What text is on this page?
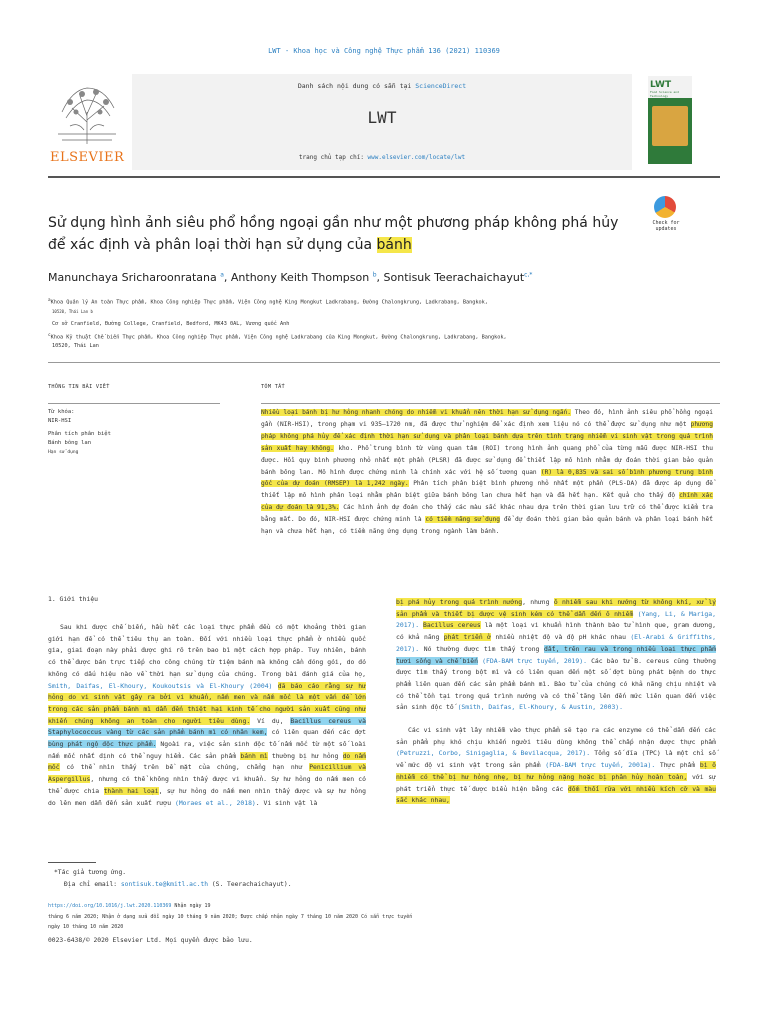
LWT - Khoa học và Công nghệ Thực phẩm 136 (2021) 110369
ELSEVIER
Danh sách nội dung có sẵn tại ScienceDirect
LWT
trang chủ tạp chí: www.elsevier.com/locate/lwt
LWT
Food Science and Technology
Sử dụng hình ảnh siêu phổ hồng ngoại gần như một phương pháp không phá hủy để xác định và phân loại thời hạn sử dụng của bánh
Check for updates
Manunchaya Sricharoonratana $^a$, Anthony Keith Thompson $^b$, Sontisuk Teerachaichayut$^{c,*}$
$^a$Khoa Quản lý An toàn Thực phẩm, Khoa Công nghiệp Thực phẩm, Viện Công nghệ King Mongkut Ladkrabang, Đường Chalongkrung, Ladkrabang, Bangkok,
10520, Thái Lan b
Cơ sở Cranfield, Đường College, Cranfield, Bedford, MK43 0AL, Vương quốc Anh
$^c$Khoa Kỹ thuật Chế biến Thực phẩm, Khoa Công nghiệp Thực phẩm, Viện Công nghệ Ladkrabang của King Mongkut, Đường Chalongkrung, Ladkrabang, Bangkok,
10520, Thái Lan
THÔNG TIN BÀI VIẾT
Từ khóa:
NIR-HSI
Phân tích phân biệt
Bánh bông lan
Hạn sử dụng
TÓM TẮT
Nhiều loại bánh bị hư hỏng nhanh chóng do nhiễm vi khuẩn nên thời hạn sử dụng ngắn. Theo đó, hình ảnh siêu phổ hồng ngoại gần (NIR-HSI), trong phạm vi 935–1720 nm, đã được thử nghiệm để xác định xem liệu nó có thể được sử dụng như một phương pháp không phá hủy để xác định thời hạn sử dụng và phân loại bánh dựa trên tình trạng nhiễm vi sinh vật trong quá trình sản xuất hay không. kho. Phổ trung bình từ vùng quan tâm (ROI) trong hình ảnh quang phổ của từng mẫu được NIR-HSI thu được. Hồi quy bình phương nhỏ nhất một phần (PLSR) đã được sử dụng để thiết lập mô hình nhằm dự đoán thời gian bảo quản bánh bông lan. Mô hình được chứng minh là chính xác với hệ số tương quan (R) là 0,835 và sai số bình phương trung bình gốc của dự đoán (RMSEP) là 1,242 ngày. Phân tích phân biệt bình phương nhỏ nhất một phần (PLS-DA) đã được áp dụng để thiết lập mô hình phân loại nhằm phân biệt giữa bánh bông lan chưa hết hạn và đã hết hạn. Kết quả cho thấy độ chính xác của dự đoán là 91,3%. Các hình ảnh dự đoán cho thấy các màu sắc khác nhau dựa trên thời gian lưu trữ có thể được kiểm tra bằng mắt. Do đó, NIR-HSI được chứng minh là có tiềm năng sử dụng để dự đoán thời gian bảo quản bánh và phân loại bánh hết hạn và chưa hết hạn, có tiềm năng ứng dụng trong ngành làm bánh.
1. Giới thiệu
Sau khi được chế biến, hầu hết các loại thực phẩm đều có một khoảng thời gian giới hạn để có thể tiêu thụ an toàn. Đối với nhiều loại thực phẩm ở nhiều quốc gia, giai đoạn này phải được ghi rõ trên bao bì một cách hợp pháp. Tuy nhiên, bánh có thể được bán trực tiếp cho công chúng từ tiệm bánh mà không cần đóng gói, do đó không có dấu hiệu nào về thời hạn sử dụng của chúng. Trong bài đánh giá của họ, Smith, Daifas, El-Khoury, Koukoutsis và El-Khoury (2004) đã báo cáo rằng sự hư hỏng do vi sinh vật gây ra bởi vi khuẩn, nấm men và nấm mốc là một vấn đề lớn trong các sản phẩm bánh mì dẫn đến thiệt hại kinh tế cho người sản xuất cũng như khiến chúng không an toàn cho người tiêu dùng. Ví dụ, Bacillus cereus và Staphylococcus vàng từ các sản phẩm bánh mì có nhân kem, có liên quan đến các đợt bùng phát ngộ độc thực phẩm. Ngoài ra, việc sản sinh độc tố nấm mốc từ một số loài nấm mốc nhất định có thể nguy hiểm. Các sản phẩm bánh mì thường bị hư hỏng do nấm mốc có thể nhìn thấy trên bề mặt của chúng, chẳng hạn như Penicillium và Aspergillus, nhưng có thể không nhìn thấy được vi khuẩn. Sự hư hỏng do nấm men có thể được chia thành hai loại, sự hư hỏng do nấm men nhìn thấy được và sự hư hỏng do lên men dẫn đến sản xuất rượu (Moraes et al., 2018). Vi sinh vật là
bị phá hủy trong quá trình nướng, nhưng ô nhiễm sau khi nướng từ không khí, xử lý sản phẩm và thiết bị được vệ sinh kém có thể dẫn đến ô nhiễm (Yang, Li, & Mariga, 2017). Bacillus cereus là một loại vi khuẩn hình thành bào tử hình que, gram dương, có khả năng phát triển ở nhiều nhiệt độ và độ pH khác nhau (El-Arabi & Griffiths, 2017). Nó thường được tìm thấy trong đất, trên rau và trong nhiều loại thực phẩm tươi sống và chế biến (FDA-BAM trực tuyến, 2019). Các bào tử B. cereus cũng thường được tìm thấy trong bột mì và có liên quan đến một số đợt bùng phát bệnh do thực phẩm liên quan đến các sản phẩm bánh mì. Bào tử của chúng có khả năng chịu nhiệt và có thể tồn tại trong quá trình nướng và có thể tăng lên đến mức liên quan đến việc sản sinh độc tố (Smith, Daifas, El-Khoury, & Austin, 2003).
Các vi sinh vật lây nhiễm vào thực phẩm sẽ tạo ra các enzyme có thể dẫn đến các sản phẩm phụ khó chịu khiến người tiêu dùng không thể chấp nhận được thực phẩm (Petruzzi, Corbo, Sinigaglia, & Bevilacqua, 2017). Tổng số đĩa (TPC) là một chỉ số về mức độ vi sinh vật trong sản phẩm (FDA-BAM trực tuyến, 2001a). Thực phẩm bị ô nhiễm có thể bị hư hỏng nhẹ, bị hư hỏng nặng hoặc bị phân hủy hoàn toàn, với sự phát triển thực tế được biểu hiện bằng các đốm thối rữa với nhiều kích cỡ và màu sắc khác nhau,
*Tác giả tương ứng.
Địa chỉ email: sontisuk.te@kmitl.ac.th (S. Teerachaichayut).
https://doi.org/10.1016/j.lwt.2020.110369 Nhận ngày 19
tháng 6 năm 2020; Nhận ở dạng sửa đổi ngày 10 tháng 9 năm 2020; Được chấp nhận ngày 7 tháng 10 năm 2020 Có sẵn trực tuyến
ngày 10 tháng 10 năm 2020
0023-6438/© 2020 Elsevier Ltd. Mọi quyền được bảo lưu.
